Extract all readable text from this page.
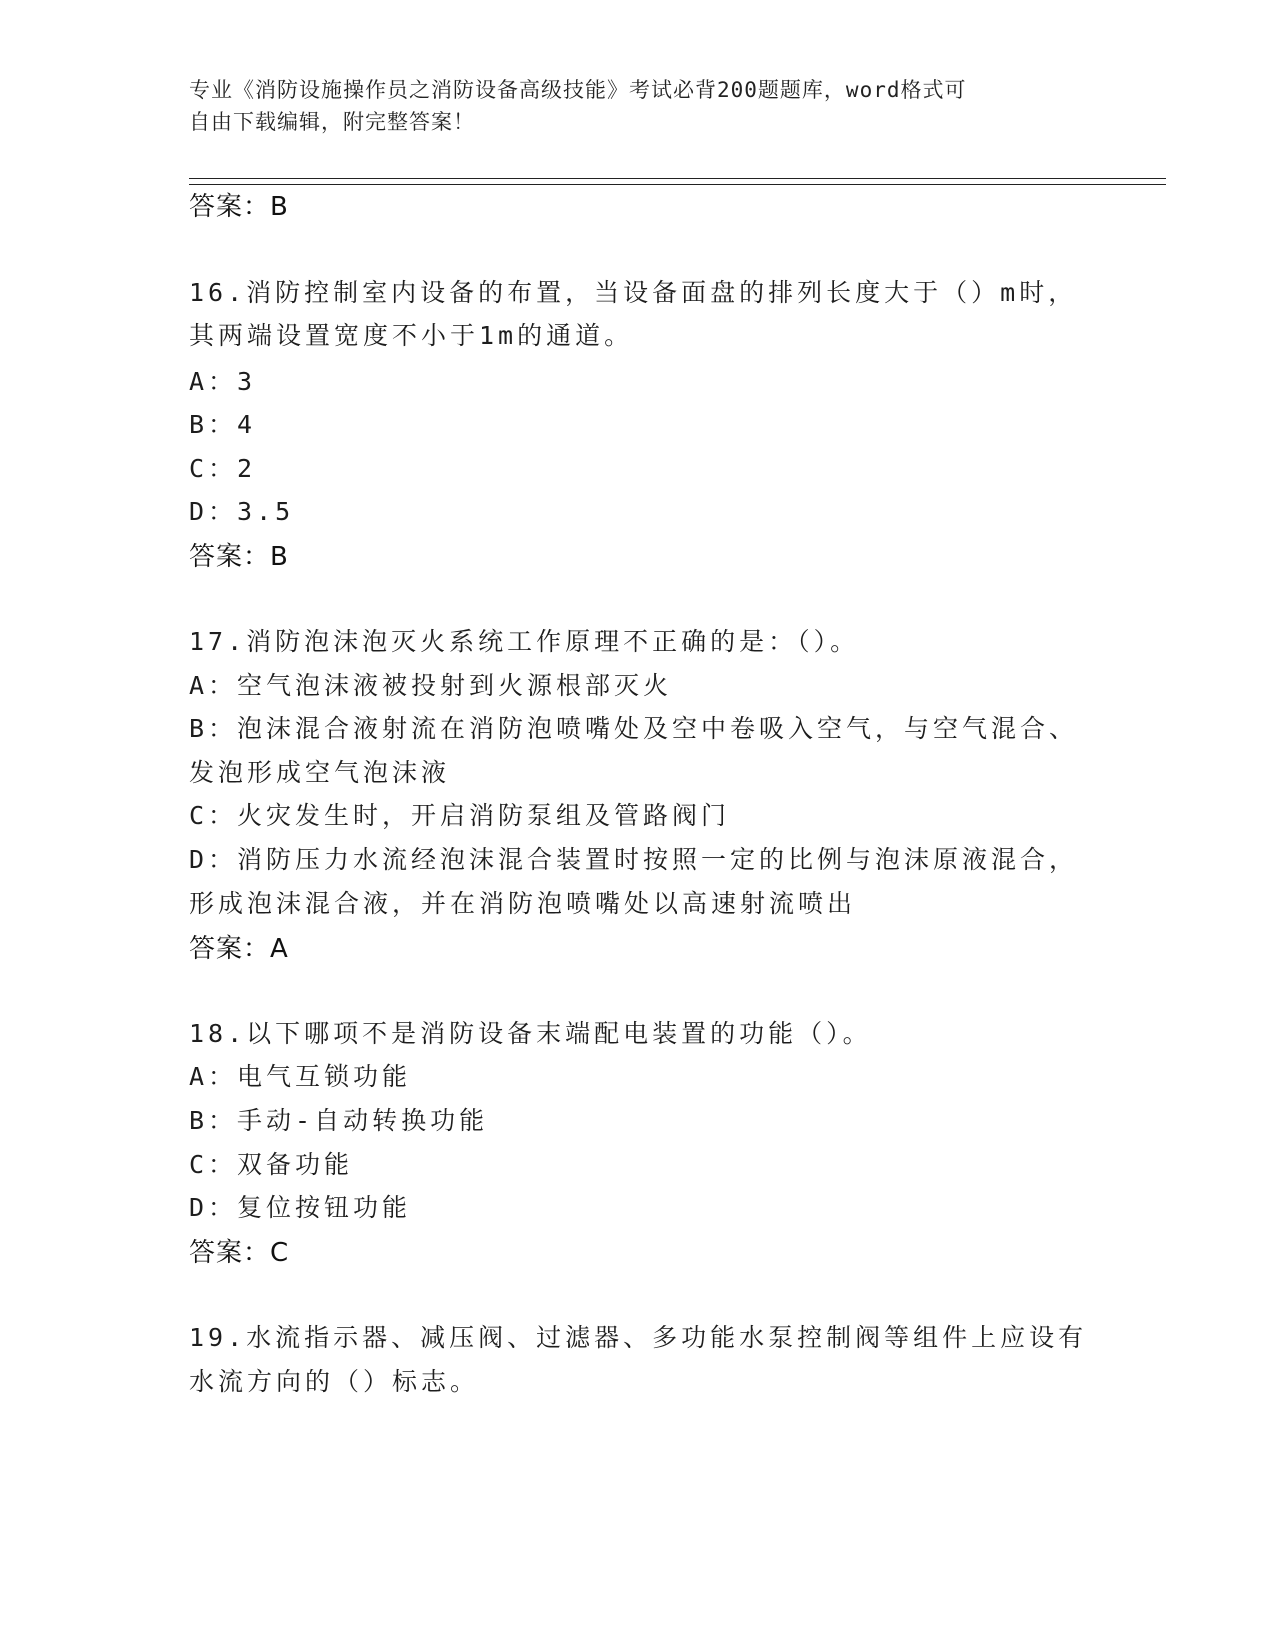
专业《消防设施操作员之消防设备高级技能》考试必背200题题库，word格式可
自由下载编辑，附完整答案！
答案：B
16.消防控制室内设备的布置，当设备面盘的排列长度大于（）m时，
其两端设置宽度不小于1m的通道。
A：3
B：4
C：2
D：3.5
答案：B
17.消防泡沫泡灭火系统工作原理不正确的是：（）。
A：空气泡沫液被投射到火源根部灭火
B：泡沫混合液射流在消防泡喷嘴处及空中卷吸入空气，与空气混合、
发泡形成空气泡沫液
C：火灾发生时，开启消防泵组及管路阀门
D：消防压力水流经泡沫混合装置时按照一定的比例与泡沫原液混合，
形成泡沫混合液，并在消防泡喷嘴处以高速射流喷出
答案：A
18.以下哪项不是消防设备末端配电装置的功能（）。
A：电气互锁功能
B：手动-自动转换功能
C：双备功能
D：复位按钮功能
答案：C
19.水流指示器、减压阀、过滤器、多功能水泵控制阀等组件上应设有
水流方向的（）标志。
